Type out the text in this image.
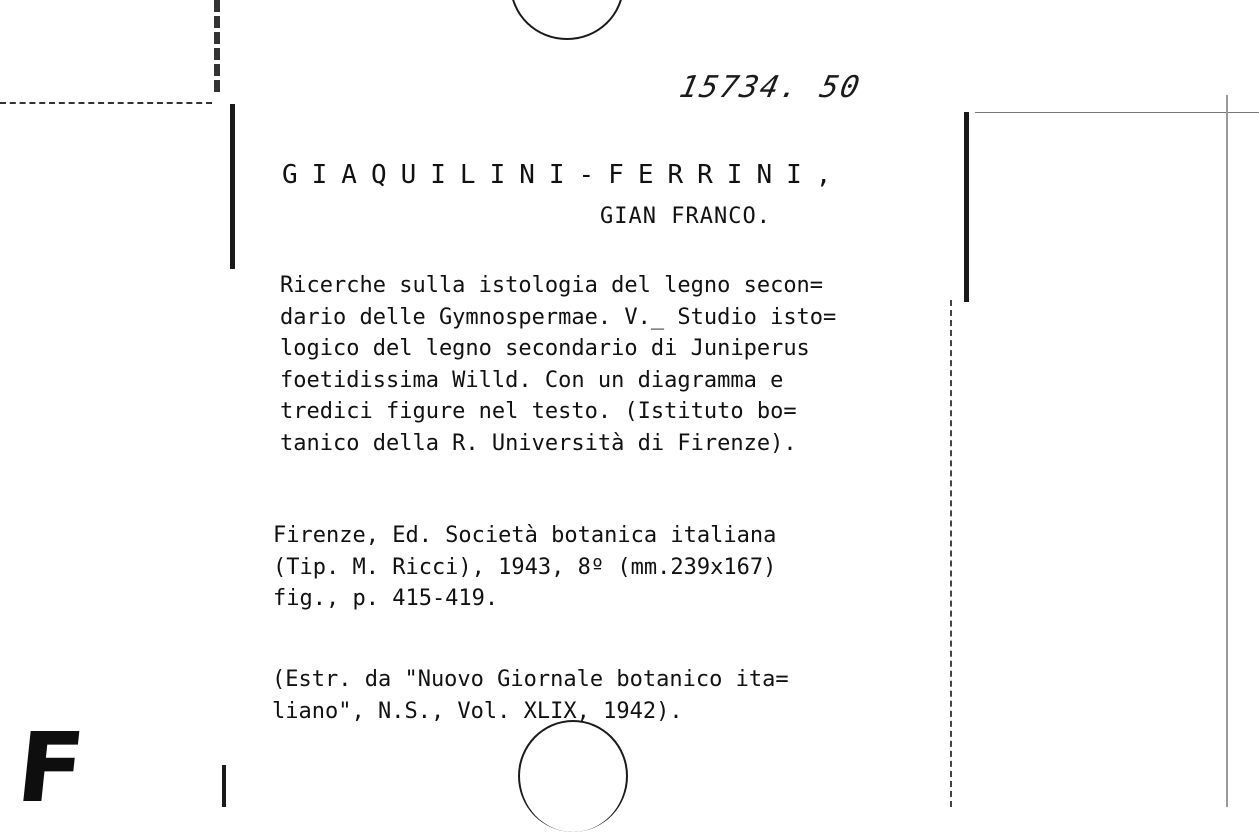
15734. 50
GIAQUILINI-FERRINI,
GIAN FRANCO.
Ricerche sulla istologia del legno secon=
dario delle Gymnospermae. V._ Studio isto=
logico del legno secondario di Juniperus
foetidissima Willd. Con un diagramma e
tredici figure nel testo. (Istituto bo=
tanico della R. Università di Firenze).
Firenze, Ed. Società botanica italiana
(Tip. M. Ricci), 1943, 8º (mm.239x167)
fig., p. 415-419.
(Estr. da "Nuovo Giornale botanico ita=
liano", N.S., Vol. XLIX, 1942).
F
